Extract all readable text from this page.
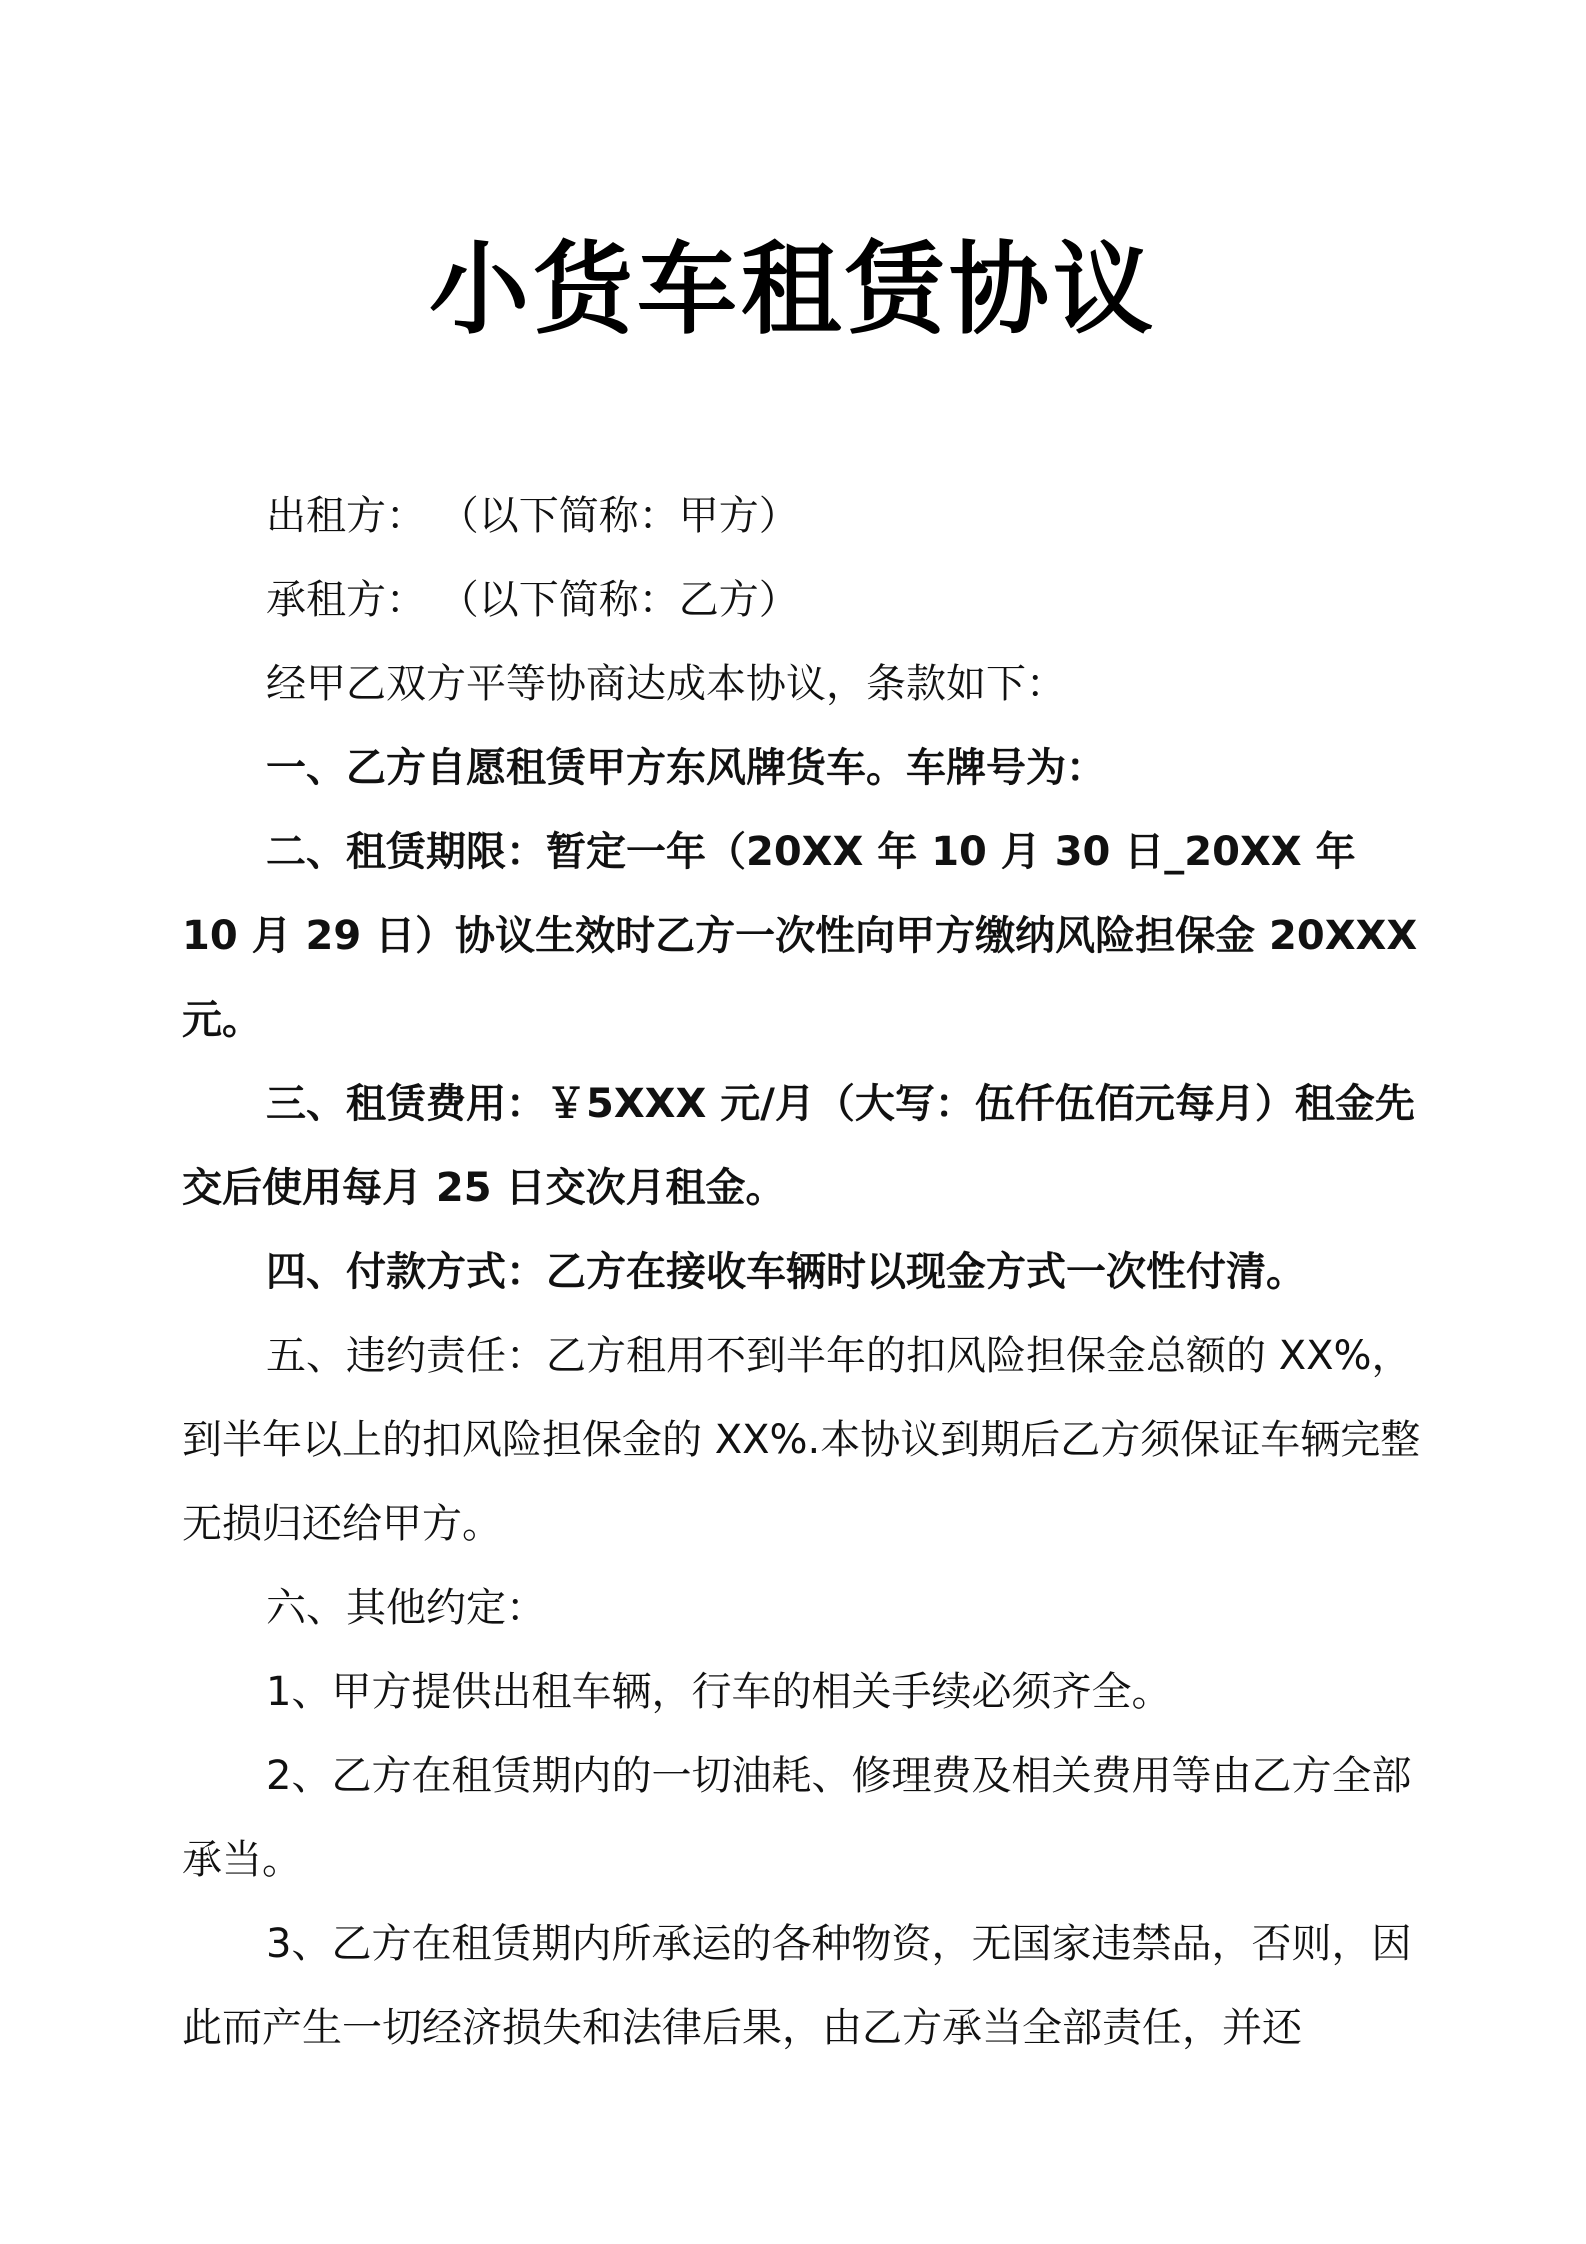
小货车租赁协议

出租方： （以下简称：甲方）

承租方： （以下简称：乙方）

经甲乙双方平等协商达成本协议，条款如下：

一、乙方自愿租赁甲方东风牌货车。车牌号为：

二、租赁期限：暂定一年（20XX 年 10 月 30 日_20XX 年 10 月 29 日）协议生效时乙方一次性向甲方缴纳风险担保金 20XXX 元。

三、租赁费用：￥5XXX 元/月（大写：伍仟伍佰元每月）租金先交后使用每月 25 日交次月租金。

四、付款方式：乙方在接收车辆时以现金方式一次性付清。

五、违约责任：乙方租用不到半年的扣风险担保金总额的 XX%，到半年以上的扣风险担保金的 XX%.本协议到期后乙方须保证车辆完整无损归还给甲方。

六、其他约定：

1、甲方提供出租车辆，行车的相关手续必须齐全。

2、乙方在租赁期内的一切油耗、修理费及相关费用等由乙方全部承当。

3、乙方在租赁期内所承运的各种物资，无国家违禁品，否则，因此而产生一切经济损失和法律后果，由乙方承当全部责任，并还
